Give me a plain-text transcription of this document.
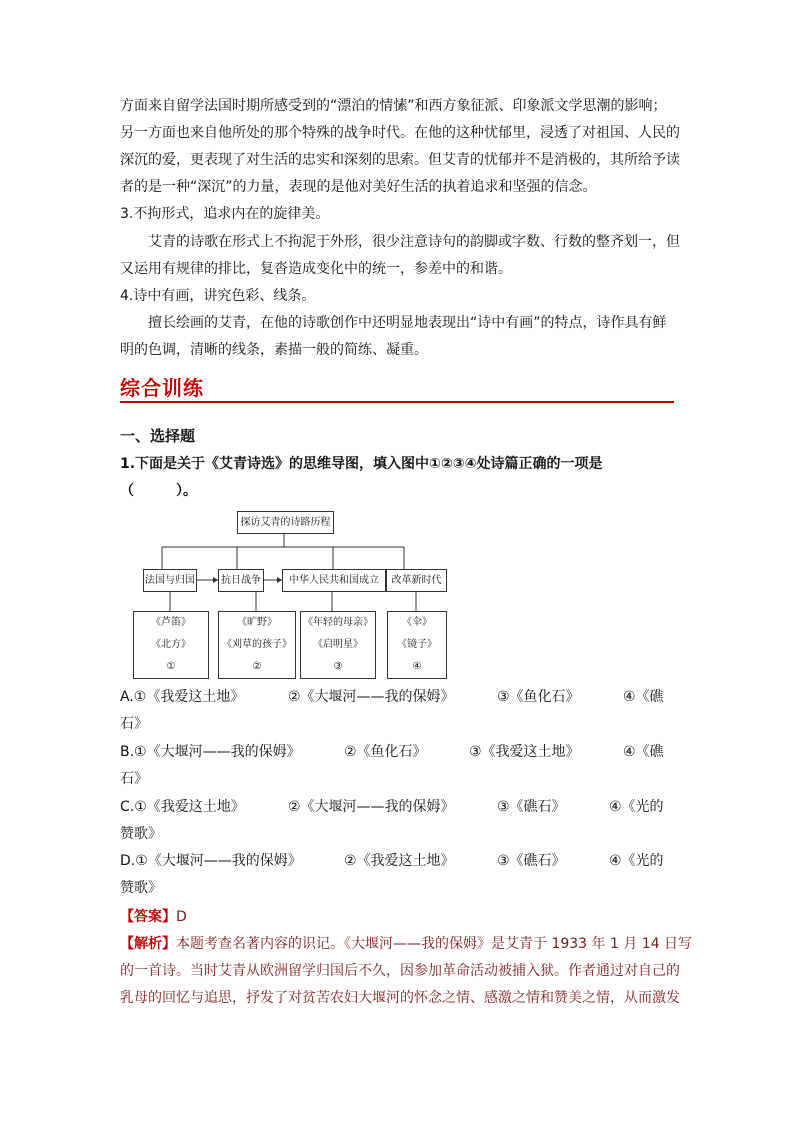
方面来自留学法国时期所感受到的“漂泊的情愫”和西方象征派、印象派文学思潮的影响；
另一方面也来自他所处的那个特殊的战争时代。在他的这种忧郁里，浸透了对祖国、人民的
深沉的爱，更表现了对生活的忠实和深刻的思索。但艾青的忧郁并不是消极的，其所给予读
者的是一种“深沉”的力量，表现的是他对美好生活的执着追求和坚强的信念。
3.不拘形式，追求内在的旋律美。
艾青的诗歌在形式上不拘泥于外形，很少注意诗句的韵脚或字数、行数的整齐划一，但
又运用有规律的排比，复沓造成变化中的统一，参差中的和谐。
4.诗中有画，讲究色彩、线条。
擅长绘画的艾青，在他的诗歌创作中还明显地表现出“诗中有画”的特点，诗作具有鲜
明的色调，清晰的线条，素描一般的简练、凝重。
综合训练
一、选择题
1.下面是关于《艾青诗选》的思维导图，填入图中①②③④处诗篇正确的一项是
（　　　）。
探访艾青的诗路历程
法国与归国	抗日战争	中华人民共和国成立	改革新时代
《芦笛》
《北方》
①
《旷野》
《刈草的孩子》
②
《年轻的母亲》
《启明星》
③
《伞》
《镜子》
④
A.①《我爱这土地》	②《大堰河——我的保姆》	③《鱼化石》	④《礁
石》
B.①《大堰河——我的保姆》	②《鱼化石》	③《我爱这土地》	④《礁
石》
C.①《我爱这土地》	②《大堰河——我的保姆》	③《礁石》	④《光的
赞歌》
D.①《大堰河——我的保姆》	②《我爱这土地》	③《礁石》	④《光的
赞歌》
【答案】D
【解析】本题考查名著内容的识记。《大堰河——我的保姆》是艾青于 1933 年 1 月 14 日写
的一首诗。当时艾青从欧洲留学归国后不久，因参加革命活动被捕入狱。作者通过对自己的
乳母的回忆与追思，抒发了对贫苦农妇大堰河的怀念之情、感激之情和赞美之情，从而激发
